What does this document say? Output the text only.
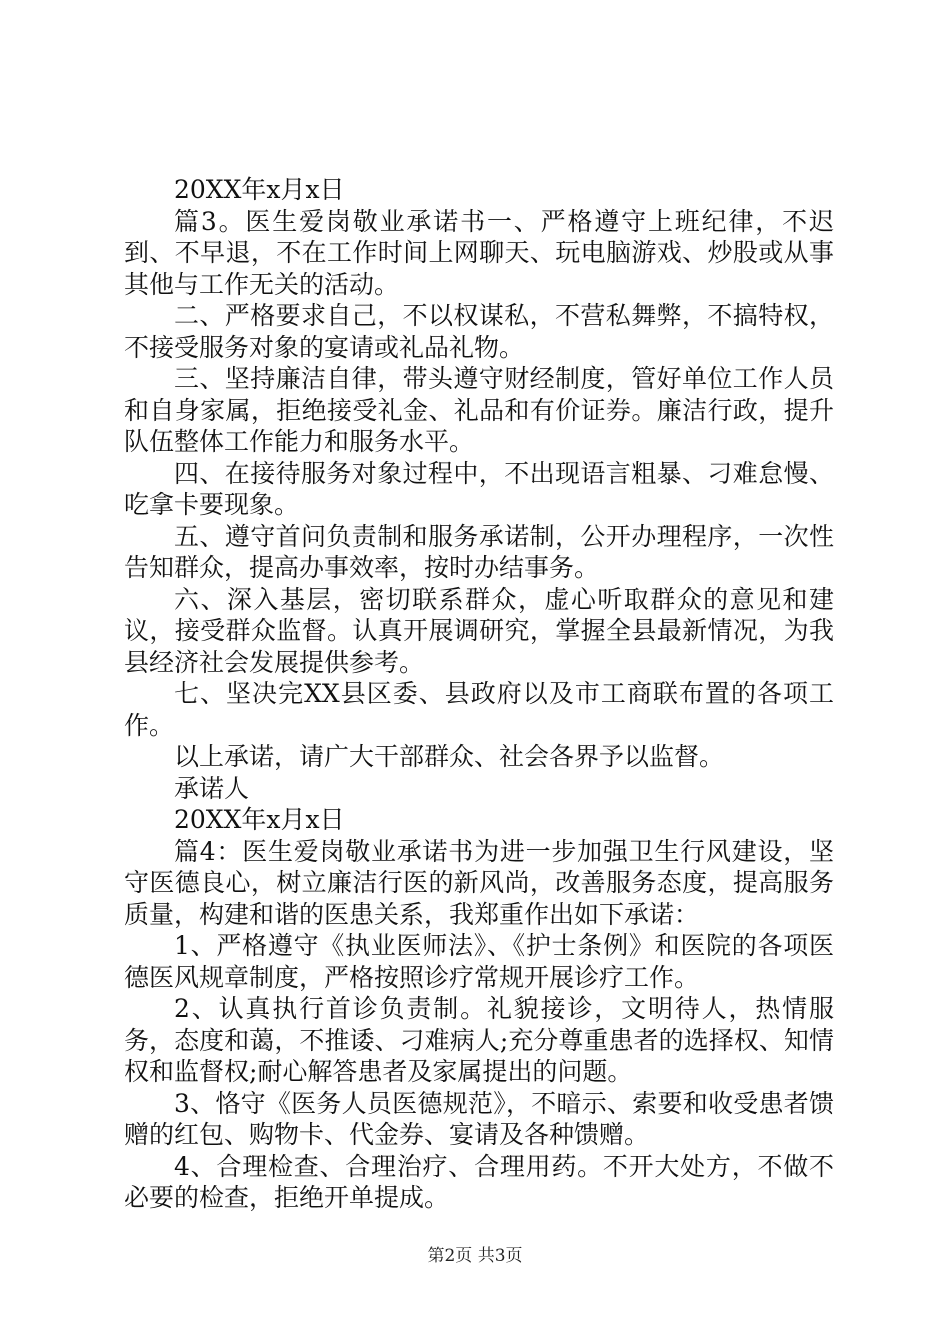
20XX年x月x日

篇3。医生爱岗敬业承诺书一、严格遵守上班纪律，不迟到、不早退，不在工作时间上网聊天、玩电脑游戏、炒股或从事其他与工作无关的活动。

二、严格要求自己，不以权谋私，不营私舞弊，不搞特权，不接受服务对象的宴请或礼品礼物。

三、坚持廉洁自律，带头遵守财经制度，管好单位工作人员和自身家属，拒绝接受礼金、礼品和有价证券。廉洁行政，提升队伍整体工作能力和服务水平。

四、在接待服务对象过程中，不出现语言粗暴、刁难怠慢、吃拿卡要现象。

五、遵守首问负责制和服务承诺制，公开办理程序，一次性告知群众，提高办事效率，按时办结事务。

六、深入基层，密切联系群众，虚心听取群众的意见和建议，接受群众监督。认真开展调研究，掌握全县最新情况，为我县经济社会发展提供参考。

七、坚决完XX县区委、县政府以及市工商联布置的各项工作。

以上承诺，请广大干部群众、社会各界予以监督。

承诺人

20XX年x月x日

篇4：医生爱岗敬业承诺书为进一步加强卫生行风建设，坚守医德良心，树立廉洁行医的新风尚，改善服务态度，提高服务质量，构建和谐的医患关系，我郑重作出如下承诺：

1、严格遵守《执业医师法》、《护士条例》和医院的各项医德医风规章制度，严格按照诊疗常规开展诊疗工作。

2、认真执行首诊负责制。礼貌接诊，文明待人，热情服务，态度和蔼，不推诿、刁难病人;充分尊重患者的选择权、知情权和监督权;耐心解答患者及家属提出的问题。

3、恪守《医务人员医德规范》，不暗示、索要和收受患者馈赠的红包、购物卡、代金券、宴请及各种馈赠。

4、合理检查、合理治疗、合理用药。不开大处方，不做不必要的检查，拒绝开单提成。

第2页 共3页
